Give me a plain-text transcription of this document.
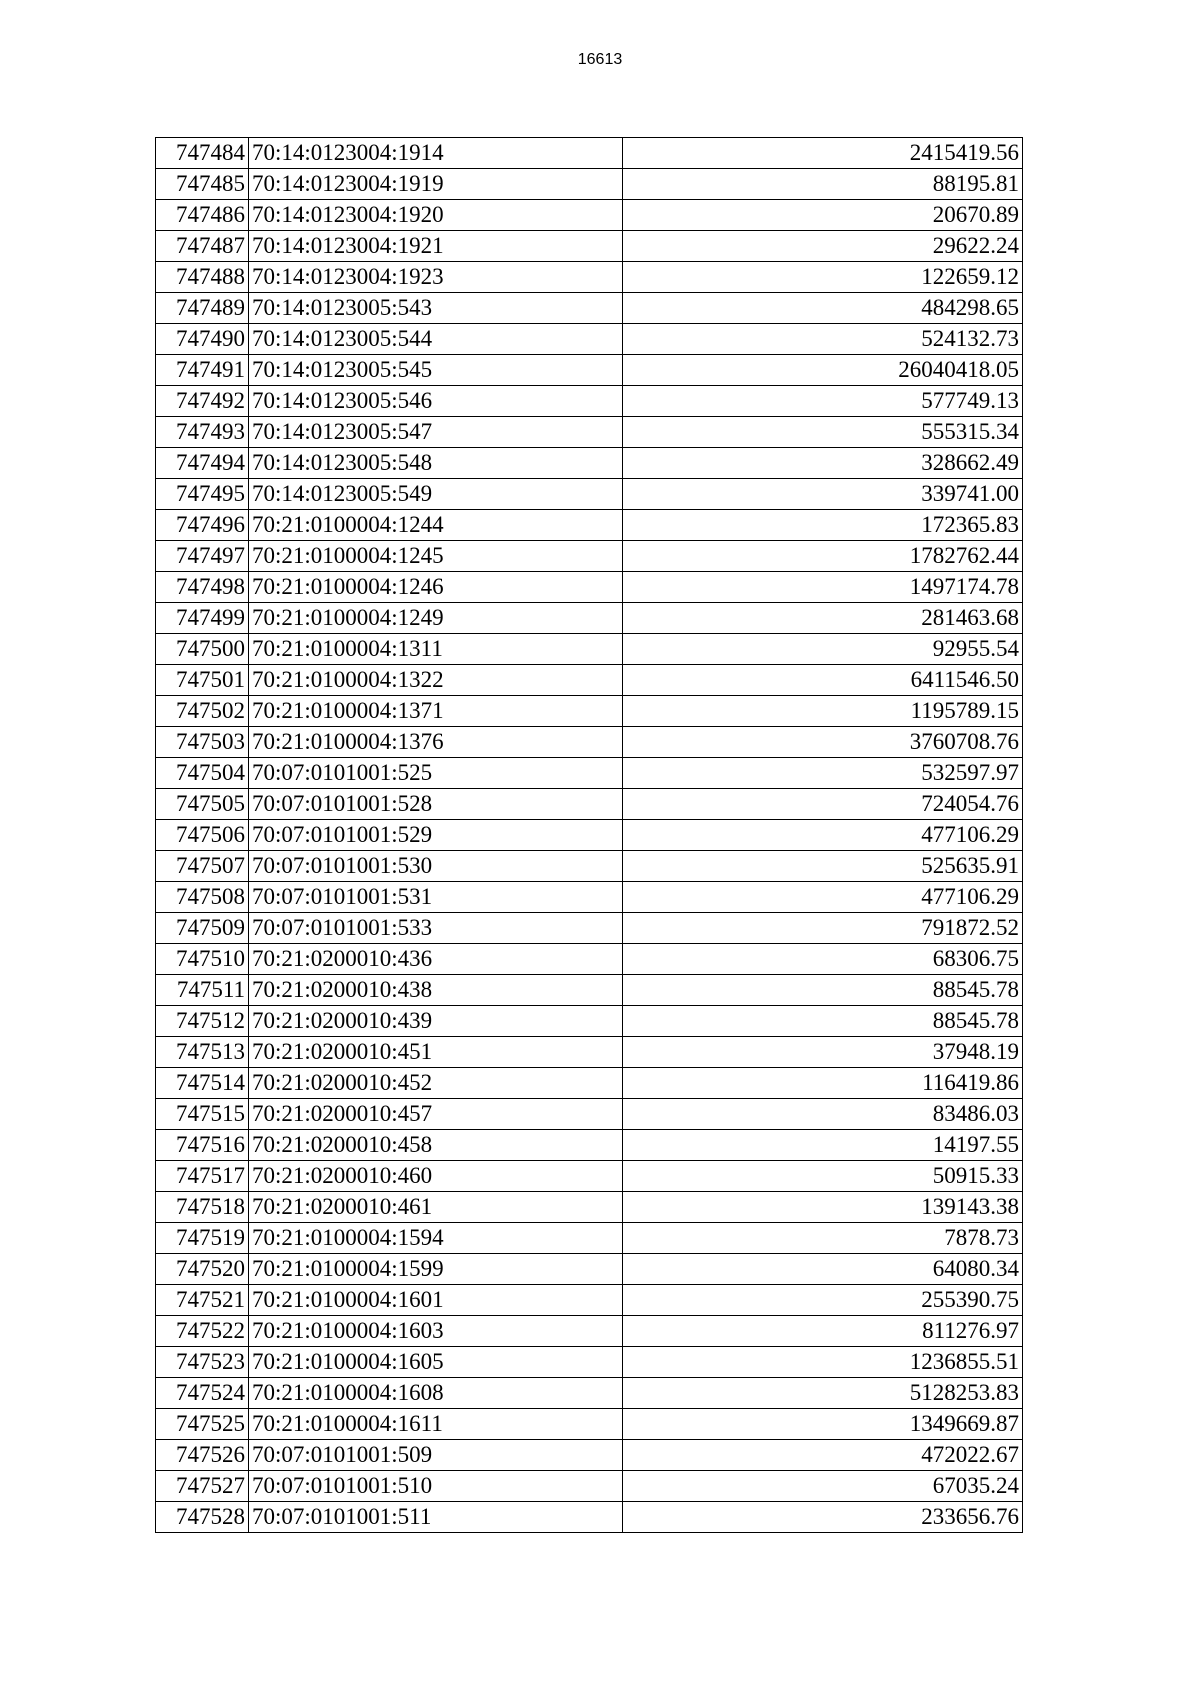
16613
747484	70:14:0123004:1914	2415419.56
747485	70:14:0123004:1919	88195.81
747486	70:14:0123004:1920	20670.89
747487	70:14:0123004:1921	29622.24
747488	70:14:0123004:1923	122659.12
747489	70:14:0123005:543	484298.65
747490	70:14:0123005:544	524132.73
747491	70:14:0123005:545	26040418.05
747492	70:14:0123005:546	577749.13
747493	70:14:0123005:547	555315.34
747494	70:14:0123005:548	328662.49
747495	70:14:0123005:549	339741.00
747496	70:21:0100004:1244	172365.83
747497	70:21:0100004:1245	1782762.44
747498	70:21:0100004:1246	1497174.78
747499	70:21:0100004:1249	281463.68
747500	70:21:0100004:1311	92955.54
747501	70:21:0100004:1322	6411546.50
747502	70:21:0100004:1371	1195789.15
747503	70:21:0100004:1376	3760708.76
747504	70:07:0101001:525	532597.97
747505	70:07:0101001:528	724054.76
747506	70:07:0101001:529	477106.29
747507	70:07:0101001:530	525635.91
747508	70:07:0101001:531	477106.29
747509	70:07:0101001:533	791872.52
747510	70:21:0200010:436	68306.75
747511	70:21:0200010:438	88545.78
747512	70:21:0200010:439	88545.78
747513	70:21:0200010:451	37948.19
747514	70:21:0200010:452	116419.86
747515	70:21:0200010:457	83486.03
747516	70:21:0200010:458	14197.55
747517	70:21:0200010:460	50915.33
747518	70:21:0200010:461	139143.38
747519	70:21:0100004:1594	7878.73
747520	70:21:0100004:1599	64080.34
747521	70:21:0100004:1601	255390.75
747522	70:21:0100004:1603	811276.97
747523	70:21:0100004:1605	1236855.51
747524	70:21:0100004:1608	5128253.83
747525	70:21:0100004:1611	1349669.87
747526	70:07:0101001:509	472022.67
747527	70:07:0101001:510	67035.24
747528	70:07:0101001:511	233656.76
